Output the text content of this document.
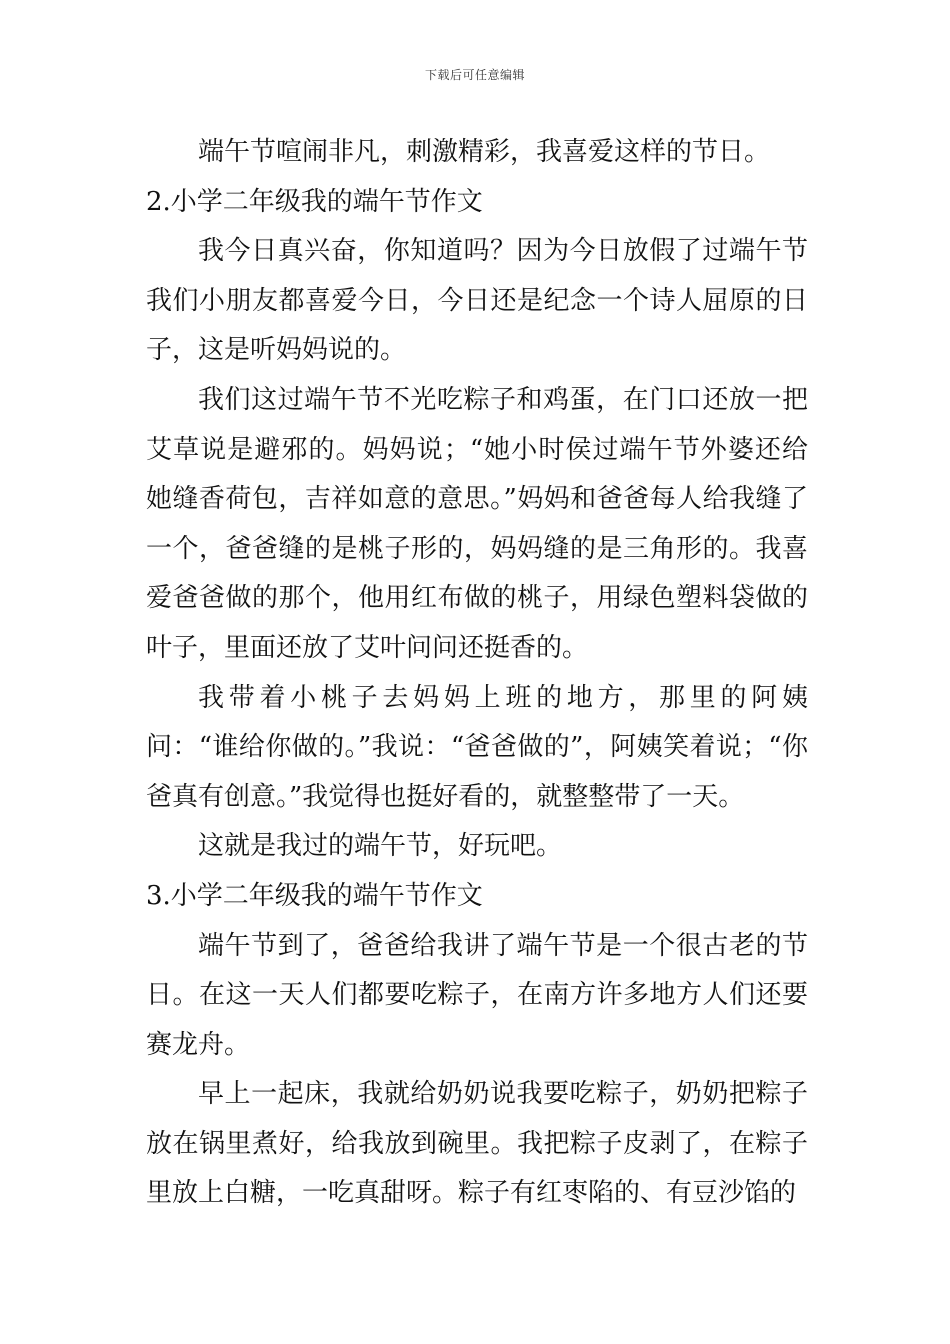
下载后可任意编辑

端午节喧闹非凡，刺激精彩，我喜爱这样的节日。

2.小学二年级我的端午节作文

我今日真兴奋，你知道吗？因为今日放假了过端午节我们小朋友都喜爱今日，今日还是纪念一个诗人屈原的日子，这是听妈妈说的。

我们这过端午节不光吃粽子和鸡蛋，在门口还放一把艾草说是避邪的。妈妈说；“她小时侯过端午节外婆还给她缝香荷包，吉祥如意的意思。”妈妈和爸爸每人给我缝了一个，爸爸缝的是桃子形的，妈妈缝的是三角形的。我喜爱爸爸做的那个，他用红布做的桃子，用绿色塑料袋做的叶子，里面还放了艾叶问问还挺香的。

我带着小桃子去妈妈上班的地方，那里的阿姨问：“谁给你做的。”我说：“爸爸做的”，阿姨笑着说；“你爸真有创意。”我觉得也挺好看的，就整整带了一天。

这就是我过的端午节，好玩吧。

3.小学二年级我的端午节作文

端午节到了，爸爸给我讲了端午节是一个很古老的节日。在这一天人们都要吃粽子，在南方许多地方人们还要赛龙舟。

早上一起床，我就给奶奶说我要吃粽子，奶奶把粽子放在锅里煮好，给我放到碗里。我把粽子皮剥了，在粽子里放上白糖，一吃真甜呀。粽子有红枣陷的、有豆沙馅的
